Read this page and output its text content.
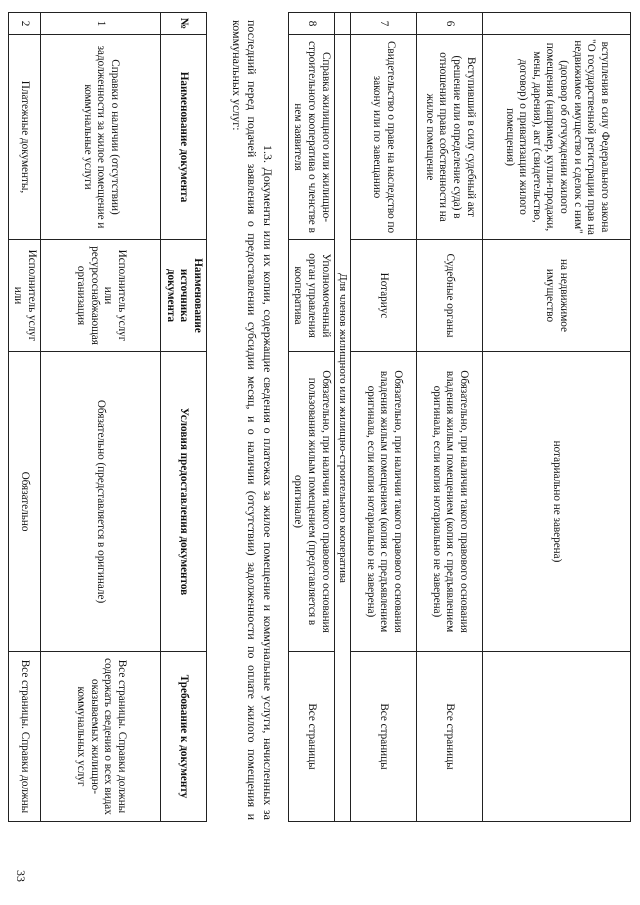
	вступления в силу Федерального закона "О государственной регистрации прав на недвижимое имущество и сделок с ним" (договор об отчуждении жилого помещения (например, купли-продажи, мены, дарения), акт (свидетельство, договор) о приватизации жилого помещения)	на недвижимое имущество	нотариально не заверена)	
6	Вступивший в силу судебный акт (решение или определение суда) в отношении права собственности на жилое помещение	Судебные органы	Обязательно, при наличии такого правового основания владения жилым помещением (копия с предъявлением оригинала, если копия нотариально не заверена)	Все страницы
7	Свидетельство о праве на наследство по закону или по завещанию	Нотариус	Обязательно, при наличии такого правового основания владения жилым помещением (копия с предъявлением оригинала, если копия нотариально не заверена)	Все страницы
	Для членов жилищного или жилищно-строительного кооператива			
8	Справка жилищного или жилищно-строительного кооператива о членстве в нем заявителя	Уполномоченный орган управления кооператива	Обязательно, при наличии такого правового основания пользования жилым помещением (представляется в оригинале)	Все страницы

1.3. Документы или их копии, содержащие сведения о платежах за жилое помещение и коммунальные услуги, начисленных за последний перед подачей заявления о предоставлении субсидии месяц, и о наличии (отсутствии) задолженности по оплате жилого помещения и коммунальных услуг:

№	Наименование документа	Наименование источника документа	Условия предоставления документов	Требование к документу
1	Справки о наличии (отсутствии) задолженности за жилое помещение и коммунальные услуги	Исполнитель услуг или ресурсоснабжающая организация	Обязательно (представляется в оригинале)	Все страницы. Справки должны содержать сведения о всех видах оказываемых жилищно-коммунальных услуг
2	Платежные документы,	Исполнитель услуг или	Обязательно	Все страницы. Справки должны
33
